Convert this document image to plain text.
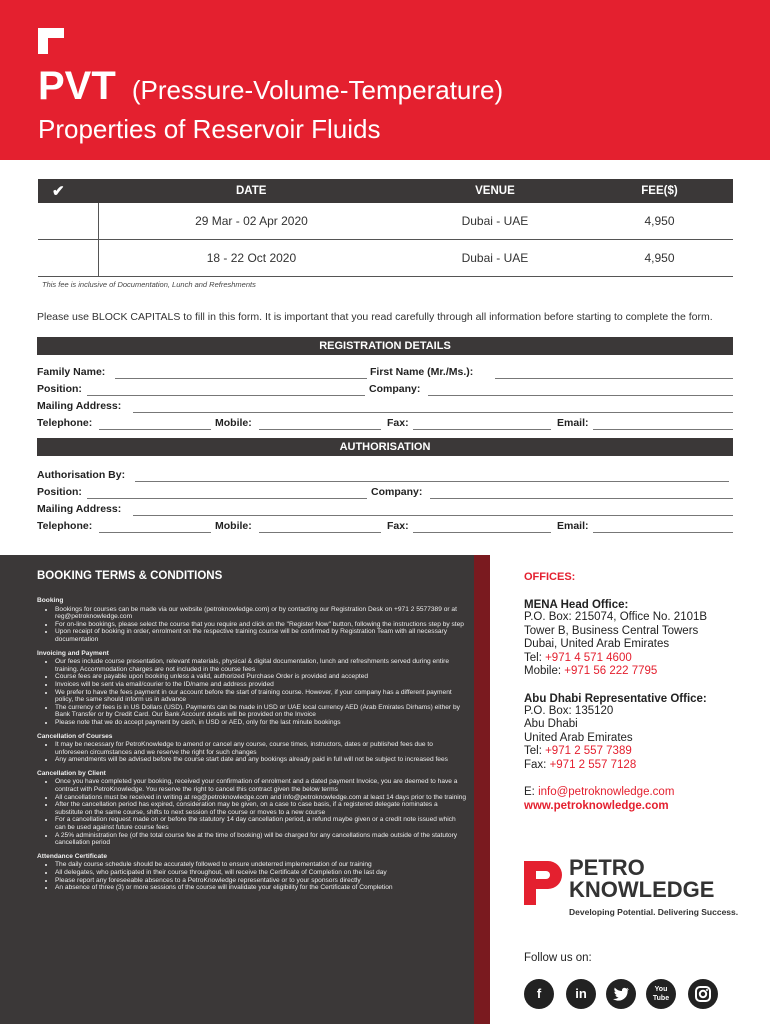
PVT (Pressure-Volume-Temperature)
Properties of Reservoir Fluids
✔	DATE	VENUE	FEE($)
	29 Mar - 02 Apr 2020	Dubai - UAE	4,950
	18 - 22 Oct 2020	Dubai - UAE	4,950
This fee is inclusive of Documentation, Lunch and Refreshments
Please use BLOCK CAPITALS to fill in this form. It is important that you read carefully through all information before starting to complete the form.
REGISTRATION DETAILS
Family Name:	First Name (Mr./Ms.):
Position:	Company:
Mailing Address:
Telephone:	Mobile:	Fax:	Email:
AUTHORISATION
Authorisation By:
Position:	Company:
Mailing Address:
Telephone:	Mobile:	Fax:	Email:
BOOKING TERMS & CONDITIONS
Booking
• Bookings for courses can be made via our website (petroknowledge.com) or by contacting our Registration Desk on +971 2 5577389 or at reg@petroknowledge.com
• For on-line bookings, please select the course that you require and click on the "Register Now" button, following the instructions step by step
• Upon receipt of booking in order, enrolment on the respective training course will be confirmed by Registration Team with all necessary documentation
Invoicing and Payment
• Our fees include course presentation, relevant materials, physical & digital documentation, lunch and refreshments served during entire training. Accommodation charges are not included in the course fees
• Course fees are payable upon booking unless a valid, authorized Purchase Order is provided and accepted
• Invoices will be sent via email/courier to the ID/name and address provided
• We prefer to have the fees payment in our account before the start of training course. However, if your company has a different payment policy, the same should inform us in advance
• The currency of fees is in US Dollars (USD). Payments can be made in USD or UAE local currency AED (Arab Emirates Dirhams) either by Bank Transfer or by Credit Card. Our Bank Account details will be provided on the Invoice
• Please note that we do accept payment by cash, in USD or AED, only for the last minute bookings
Cancellation of Courses
• It may be necessary for PetroKnowledge to amend or cancel any course, course times, instructors, dates or published fees due to unforeseen circumstances and we reserve the right for such changes
• Any amendments will be advised before the course start date and any bookings already paid in full will not be subject to increased fees
Cancellation by Client
• Once you have completed your booking, received your confirmation of enrolment and a dated payment Invoice, you are deemed to have a contract with PetroKnowledge. You reserve the right to cancel this contract given the below terms
• All cancellations must be received in writing at reg@petroknowledge.com and info@petroknowledge.com at least 14 days prior to the training
• After the cancellation period has expired, consideration may be given, on a case to case basis, if a registered delegate nominates a substitute on the same course, shifts to next session of the course or moves to a new course
• For a cancellation request made on or before the statutory 14 day cancellation period, a refund maybe given or a credit note issued which can be used against future course fees
• A 25% administration fee (of the total course fee at the time of booking) will be charged for any cancellations made outside of the statutory cancellation period
Attendance Certificate
• The daily course schedule should be accurately followed to ensure undeterred implementation of our training
• All delegates, who participated in their course throughout, will receive the Certificate of Completion on the last day
• Please report any foreseeable absences to a PetroKnowledge representative or to your sponsors directly
• An absence of three (3) or more sessions of the course will invalidate your eligibility for the Certificate of Completion
OFFICES:
MENA Head Office:
P.O. Box: 215074, Office No. 2101B
Tower B, Business Central Towers
Dubai, United Arab Emirates
Tel: +971 4 571 4600
Mobile: +971 56 222 7795
Abu Dhabi Representative Office:
P.O. Box: 135120
Abu Dhabi
United Arab Emirates
Tel: +971 2 557 7389
Fax: +971 2 557 7128
E: info@petroknowledge.com
www.petroknowledge.com
PETRO
KNOWLEDGE
Developing Potential. Delivering Success.
Follow us on:
f	in	You
Tube
